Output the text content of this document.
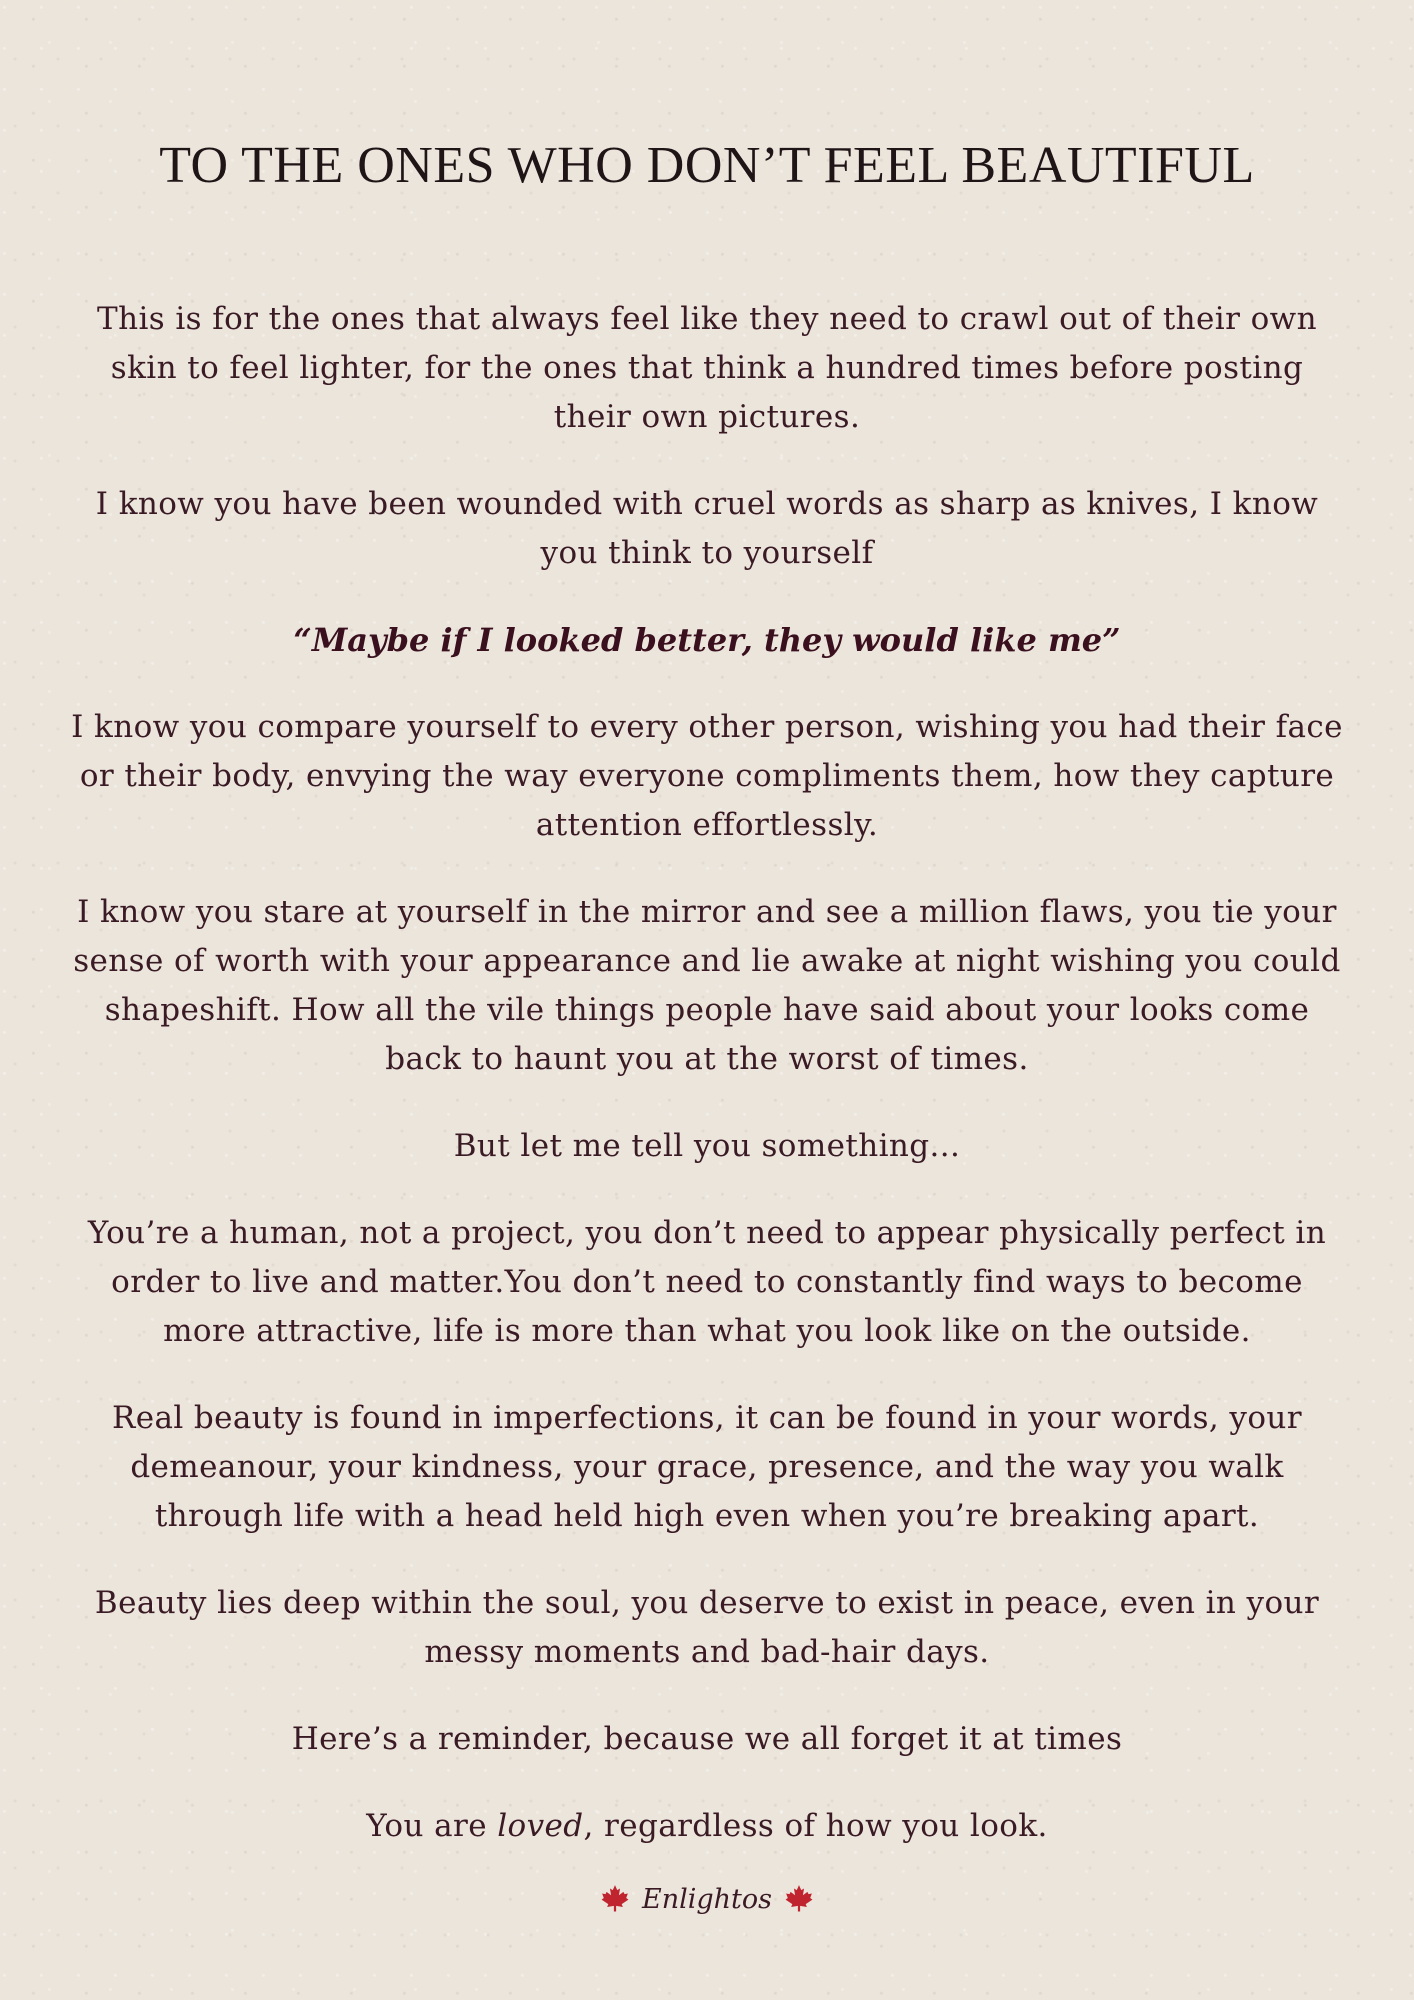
TO THE ONES WHO DON’T FEEL BEAUTIFUL

This is for the ones that always feel like they need to crawl out of their own skin to feel lighter, for the ones that think a hundred times before posting their own pictures.

I know you have been wounded with cruel words as sharp as knives, I know you think to yourself

“Maybe if I looked better, they would like me”

I know you compare yourself to every other person, wishing you had their face or their body, envying the way everyone compliments them, how they capture attention effortlessly.

I know you stare at yourself in the mirror and see a million flaws, you tie your sense of worth with your appearance and lie awake at night wishing you could shapeshift. How all the vile things people have said about your looks come back to haunt you at the worst of times.

But let me tell you something...

You’re a human, not a project, you don’t need to appear physically perfect in order to live and matter.You don’t need to constantly find ways to become more attractive, life is more than what you look like on the outside.

Real beauty is found in imperfections, it can be found in your words, your demeanour, your kindness, your grace, presence, and the way you walk through life with a head held high even when you’re breaking apart.

Beauty lies deep within the soul, you deserve to exist in peace, even in your messy moments and bad-hair days.

Here’s a reminder, because we all forget it at times

You are loved, regardless of how you look.

Enlightos
